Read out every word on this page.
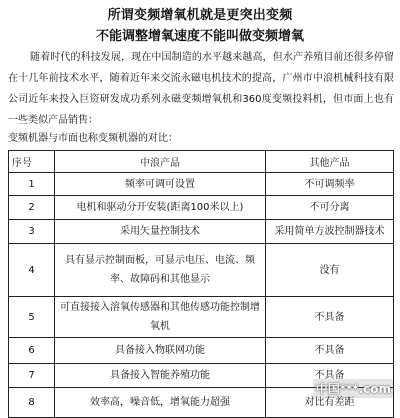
所谓变频增氧机就是更突出变频
不能调整增氧速度不能叫做变频增氧
随着时代的科技发展，现在中国制造的水平越来越高，但水产养殖目前还很多停留在十几年前技术水平，随着近年来交流永磁电机技术的提高，广州市中浪机械科技有限公司近年来投入巨资研发成功系列永磁变频增氧机和360度变频投料机，但市面上也有一些类似产品销售：
变频机器与市面也称变频机器的对比：
序号	中浪产品	其他产品
1	频率可调可设置	不可调频率
2	电机和驱动分开安装(距离100米以上)	不可分离
3	采用矢量控制技术	采用简单方波控制器技术
4	具有显示控制面板，可显示电压、电流、频率、故障码和其他显示	没有
5	可直接接入溶氧传感器和其他传感功能控制增氧机	不具备
6	具备接入物联网功能	不具备
7	具备接入智能养殖功能	不具备
8	效率高，噪音低，增氧能力超强	对比有差距
中国***.com
